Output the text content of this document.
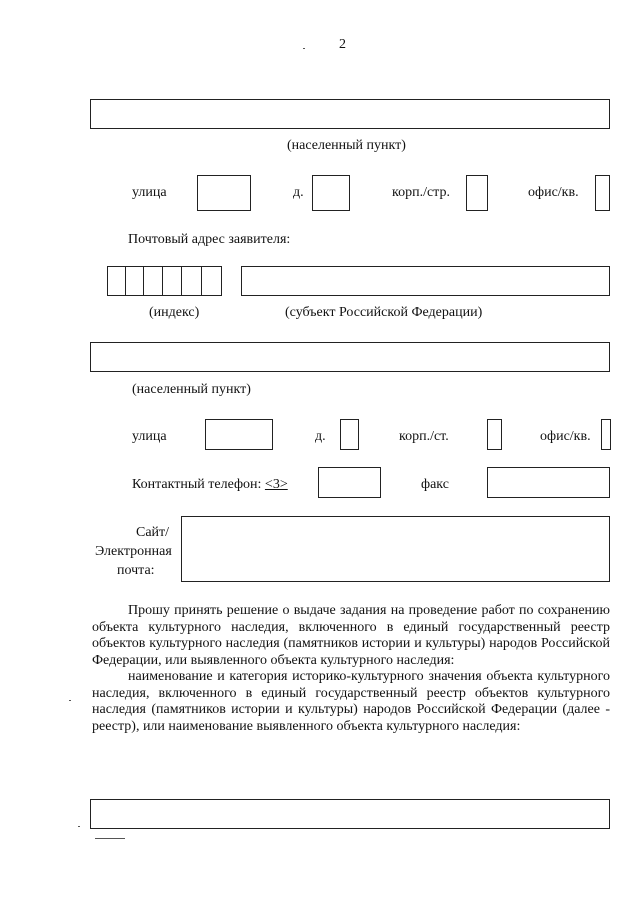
2
(населенный пункт)
улица	д.	корп./стр.	офис/кв.
Почтовый адрес заявителя:
(индекс)	(субъект Российской Федерации)
(населенный пункт)
улица	д.	корп./ст.	офис/кв.
Контактный телефон: <3>	факс
Сайт/
Электронная
почта:

Прошу принять решение о выдаче задания на проведение работ по сохранению объекта культурного наследия, включенного в единый государственный реестр объектов культурного наследия (памятников истории и культуры) народов Российской Федерации, или выявленного объекта культурного наследия:

наименование и категория историко-культурного значения объекта культурного наследия, включенного в единый государственный реестр объектов культурного наследия (памятников истории и культуры) народов Российской Федерации (далее - реестр), или наименование выявленного объекта культурного наследия:
